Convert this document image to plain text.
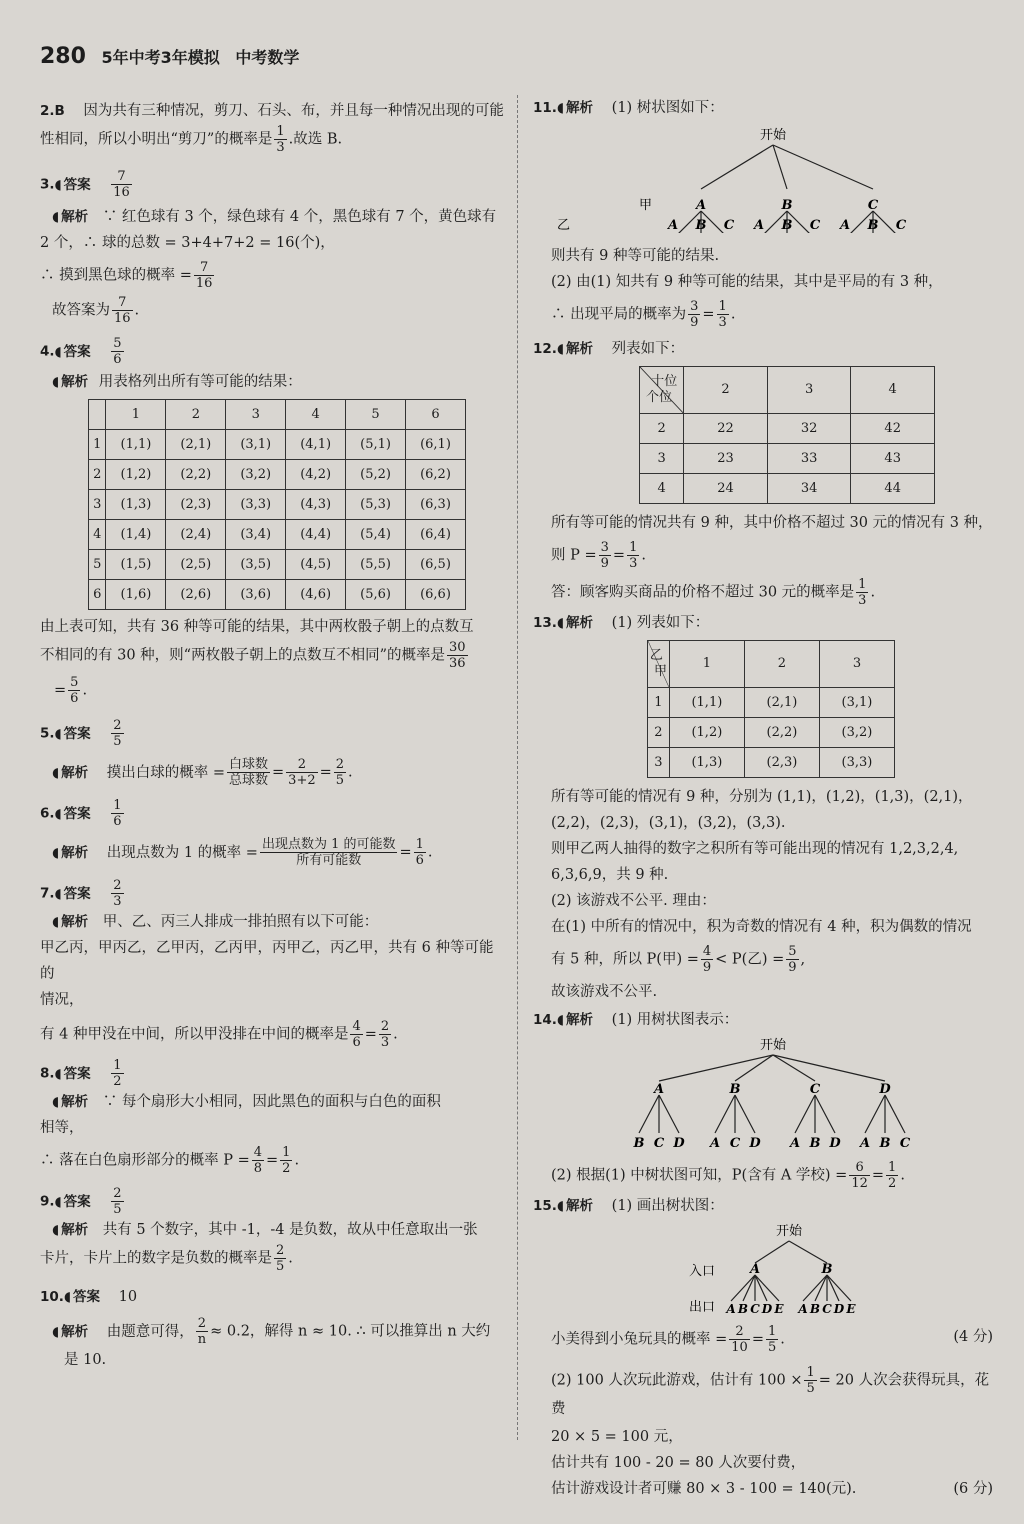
280 5年中考3年模拟 中考数学
2.B 因为共有三种情况，剪刀、石头、布，并且每一种情况出现的可能
性相同，所以小明出“剪刀”的概率是 $\frac{1}{3}$ .故选 B.
3. ◖ 答案 $\frac{7}{16}$
◖ 解析 ∵ 红色球有 3 个，绿色球有 4 个，黑色球有 7 个，黄色球有
2 个，∴ 球的总数 = 3+4+7+2 = 16(个)，
∴ 摸到黑色球的概率 = $\frac{7}{16}$
故答案为 $\frac{7}{16}$ .
4. ◖ 答案 $\frac{5}{6}$
◖ 解析 用表格列出所有等可能的结果：
	1	2	3	4	5	6
1	(1,1)	(2,1)	(3,1)	(4,1)	(5,1)	(6,1)
2	(1,2)	(2,2)	(3,2)	(4,2)	(5,2)	(6,2)
3	(1,3)	(2,3)	(3,3)	(4,3)	(5,3)	(6,3)
4	(1,4)	(2,4)	(3,4)	(4,4)	(5,4)	(6,4)
5	(1,5)	(2,5)	(3,5)	(4,5)	(5,5)	(6,5)
6	(1,6)	(2,6)	(3,6)	(4,6)	(5,6)	(6,6)
由上表可知，共有 36 种等可能的结果，其中两枚骰子朝上的点数互
不相同的有 30 种，则“两枚骰子朝上的点数互不相同”的概率是 $\frac{30}{36}$
= $\frac{5}{6}$ .
5. ◖ 答案 $\frac{2}{5}$
◖ 解析 摸出白球的概率 = $\frac{\text{白球数}}{\text{总球数}} = \frac{2}{3+2} = \frac{2}{5}$ .
6. ◖ 答案 $\frac{1}{6}$
◖ 解析 出现点数为 1 的概率 = $\frac{\text{出现点数为 1 的可能数}}{\text{所有可能数}} = \frac{1}{6}$ .
7. ◖ 答案 $\frac{2}{3}$
◖ 解析 甲、乙、丙三人排成一排拍照有以下可能：
甲乙丙，甲丙乙，乙甲丙，乙丙甲，丙甲乙，丙乙甲，共有 6 种等可能的
情况，
有 4 种甲没在中间，所以甲没排在中间的概率是 $\frac{4}{6} = \frac{2}{3}$ .
8. ◖ 答案 $\frac{1}{2}$
◖ 解析 ∵ 每个扇形大小相同，因此黑色的面积与白色的面积
相等，
∴ 落在白色扇形部分的概率 $P = \frac{4}{8} = \frac{1}{2}$ .
9. ◖ 答案 $\frac{2}{5}$
◖ 解析 共有 5 个数字，其中 -1，-4 是负数，故从中任意取出一张
卡片，卡片上的数字是负数的概率是 $\frac{2}{5}$ .
10. ◖ 答案 10
◖ 解析 由题意可得， $\frac{2}{n} \approx 0.2$，解得 n ≈ 10. ∴ 可以推算出 n 大约
是 10.
11. ◖ 解析 (1) 树状图如下：
开始
甲	A	B	C
乙	A B C A B C A B C
则共有 9 种等可能的结果.
(2) 由(1) 知共有 9 种等可能的结果，其中是平局的有 3 种，
∴ 出现平局的概率为 $\frac{3}{9} = \frac{1}{3}$ .
12. ◖ 解析 列表如下：
十位
个位	2	3	4
2	22	32	42
3	23	33	43
4	24	34	44
所有等可能的情况共有 9 种，其中价格不超过 30 元的情况有 3 种，
则 $P = \frac{3}{9} = \frac{1}{3}$ .
答：顾客购买商品的价格不超过 30 元的概率是 $\frac{1}{3}$ .
13. ◖ 解析 (1) 列表如下：
乙
甲	1	2	3
1	(1,1)	(2,1)	(3,1)
2	(1,2)	(2,2)	(3,2)
3	(1,3)	(2,3)	(3,3)
所有等可能的情况有 9 种，分别为 (1,1)，(1,2)，(1,3)，(2,1)，
(2,2)，(2,3)，(3,1)，(3,2)，(3,3).
则甲乙两人抽得的数字之积所有等可能出现的情况有 1,2,3,2,4,
6,3,6,9，共 9 种.
(2) 该游戏不公平. 理由：
在(1) 中所有的情况中，积为奇数的情况有 4 种，积为偶数的情况
有 5 种，所以 P(甲) = $\frac{4}{9} < P$(乙) = $\frac{5}{9}$ ,
故该游戏不公平.
14. ◖ 解析 (1) 用树状图表示：
开始
A	B	C	D
B C D A C D A B D A B C
(2) 根据(1) 中树状图可知，P(含有 A 学校) = $\frac{6}{12} = \frac{1}{2}$ .
15. ◖ 解析 (1) 画出树状图：
开始
入口
出口
A	B
A B C D E A B C D E
小美得到小兔玩具的概率 = $\frac{2}{10} = \frac{1}{5}$ .	(4 分)
(2) 100 人次玩此游戏，估计有 $100 \times \frac{1}{5} = 20$ 人次会获得玩具，花费
20 × 5 = 100 元，
估计共有 100 - 20 = 80 人次要付费，
估计游戏设计者可赚 80 × 3 - 100 = 140(元).	(6 分)
